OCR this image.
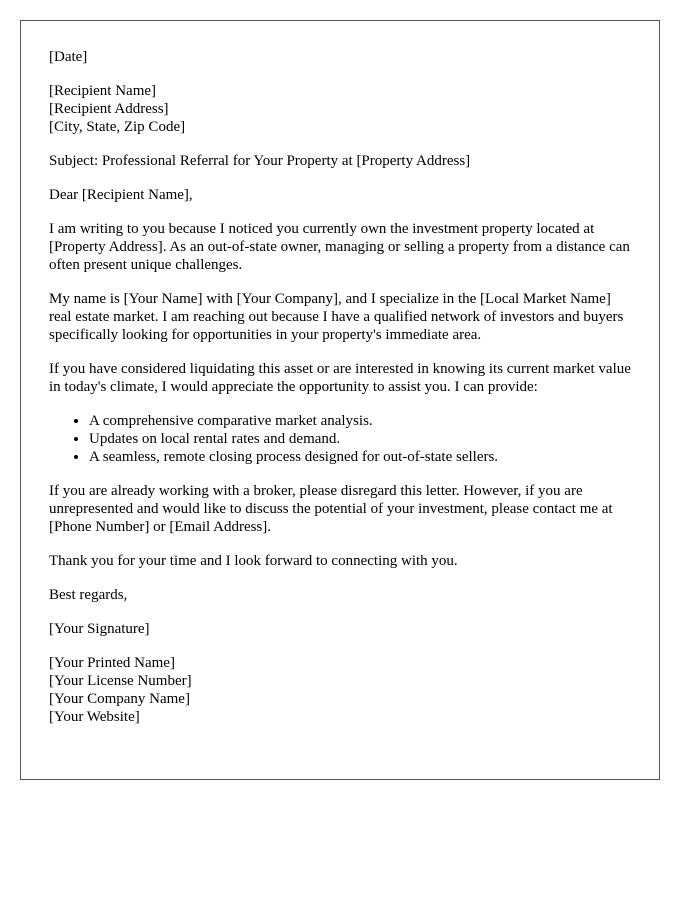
[Date]

[Recipient Name]
[Recipient Address]
[City, State, Zip Code]

Subject: Professional Referral for Your Property at [Property Address]

Dear [Recipient Name],

I am writing to you because I noticed you currently own the investment property located at [Property Address]. As an out-of-state owner, managing or selling a property from a distance can often present unique challenges.

My name is [Your Name] with [Your Company], and I specialize in the [Local Market Name] real estate market. I am reaching out because I have a qualified network of investors and buyers specifically looking for opportunities in your property's immediate area.

If you have considered liquidating this asset or are interested in knowing its current market value in today's climate, I would appreciate the opportunity to assist you. I can provide:

• A comprehensive comparative market analysis.
• Updates on local rental rates and demand.
• A seamless, remote closing process designed for out-of-state sellers.

If you are already working with a broker, please disregard this letter. However, if you are unrepresented and would like to discuss the potential of your investment, please contact me at [Phone Number] or [Email Address].

Thank you for your time and I look forward to connecting with you.

Best regards,

[Your Signature]

[Your Printed Name]
[Your License Number]
[Your Company Name]
[Your Website]
